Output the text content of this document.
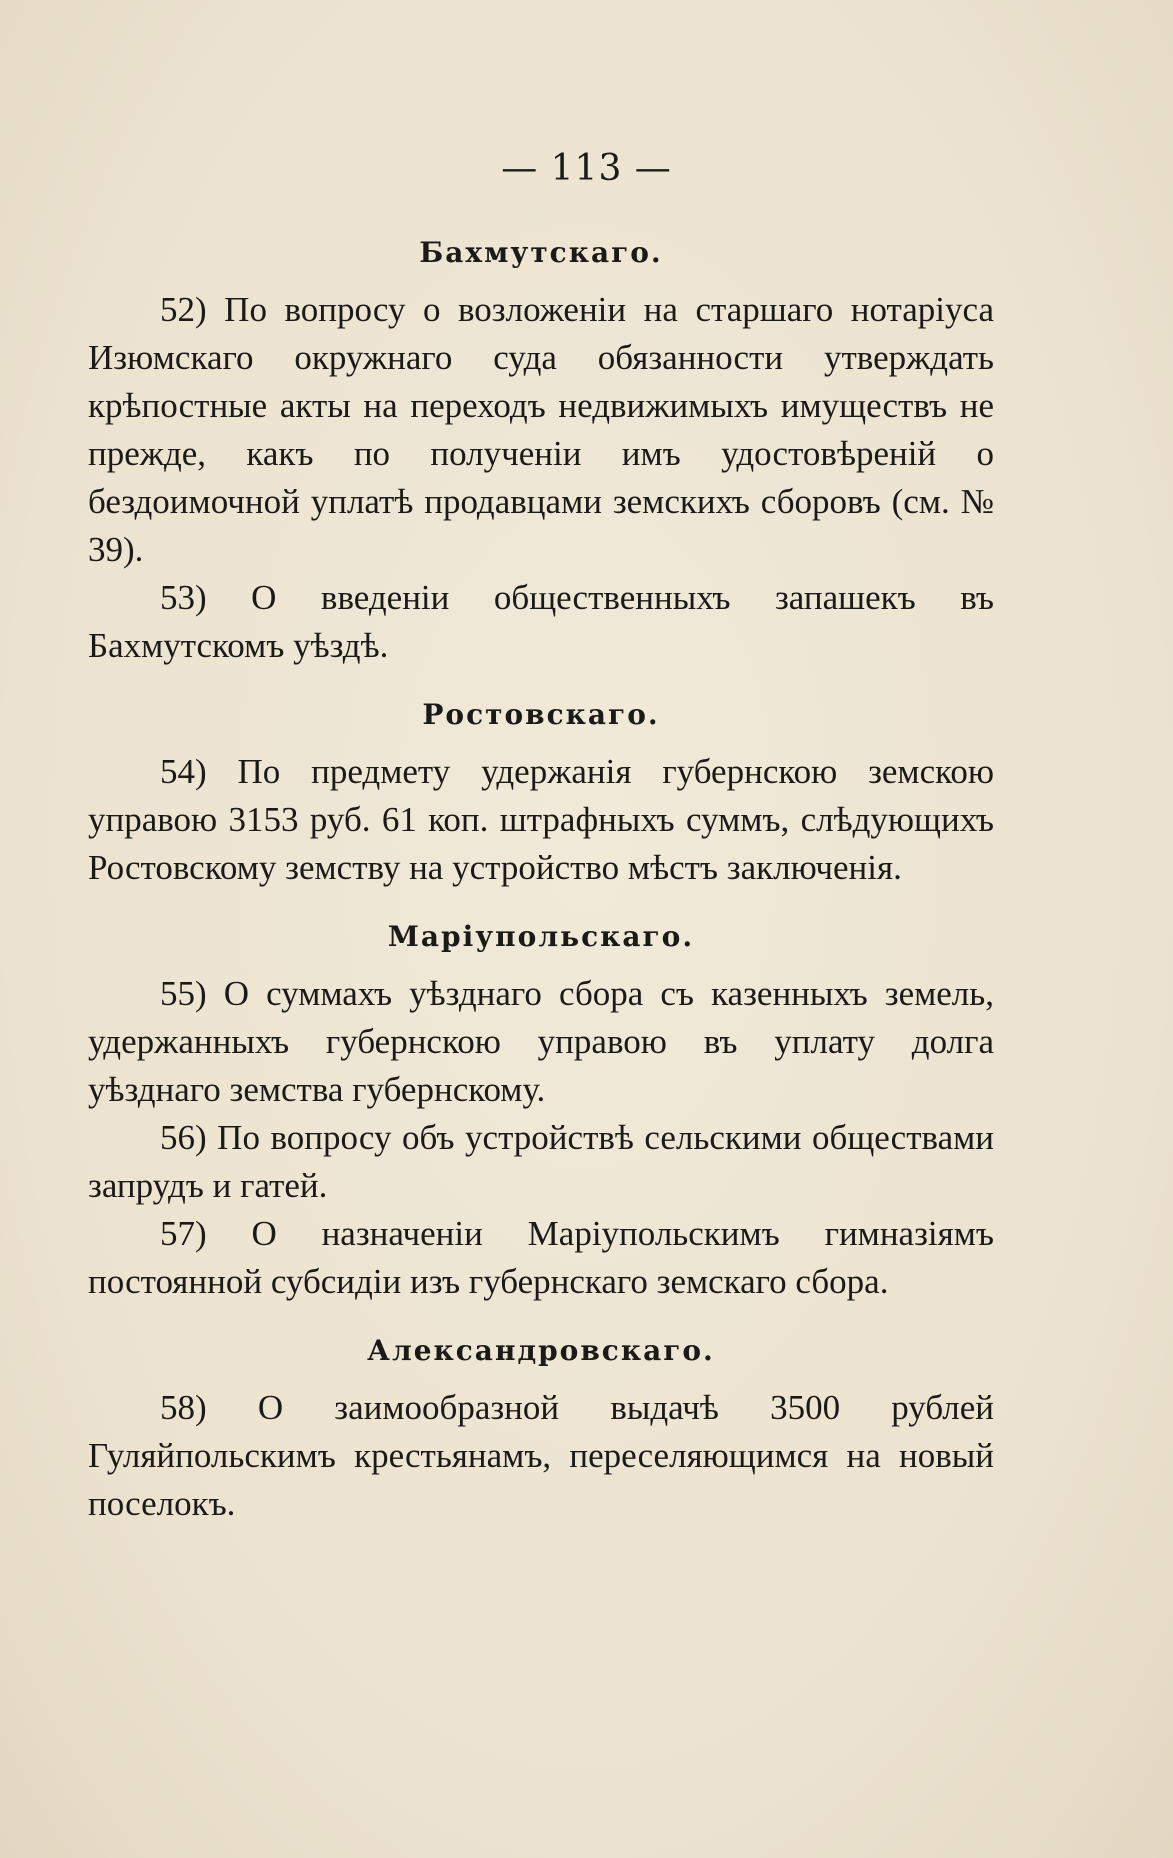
— 113 —
Бахмутскаго.

52) По вопросу о возложеніи на старшаго нотаріуса Изюмскаго окружнаго суда обязанности утверждать крѣпостные акты на переходъ недвижимыхъ имуществъ не прежде, какъ по полученіи имъ удостовѣреній о бездоимочной уплатѣ продавцами земскихъ сборовъ (см. № 39).

53) О введеніи общественныхъ запашекъ въ Бахмутскомъ уѣздѣ.

Ростовскаго.

54) По предмету удержанія губернскою земскою управою 3153 руб. 61 коп. штрафныхъ суммъ, слѣдующихъ Ростовскому земству на устройство мѣстъ заключенія.

Маріупольскаго.

55) О суммахъ уѣзднаго сбора съ казенныхъ земель, удержанныхъ губернскою управою въ уплату долга уѣзднаго земства губернскому.

56) По вопросу объ устройствѣ сельскими обществами запрудъ и гатей.

57) О назначеніи Маріупольскимъ гимназіямъ постоянной субсидіи изъ губернскаго земскаго сбора.

Александровскаго.

58) О заимообразной выдачѣ 3500 рублей Гуляйпольскимъ крестьянамъ, переселяющимся на новый поселокъ.
